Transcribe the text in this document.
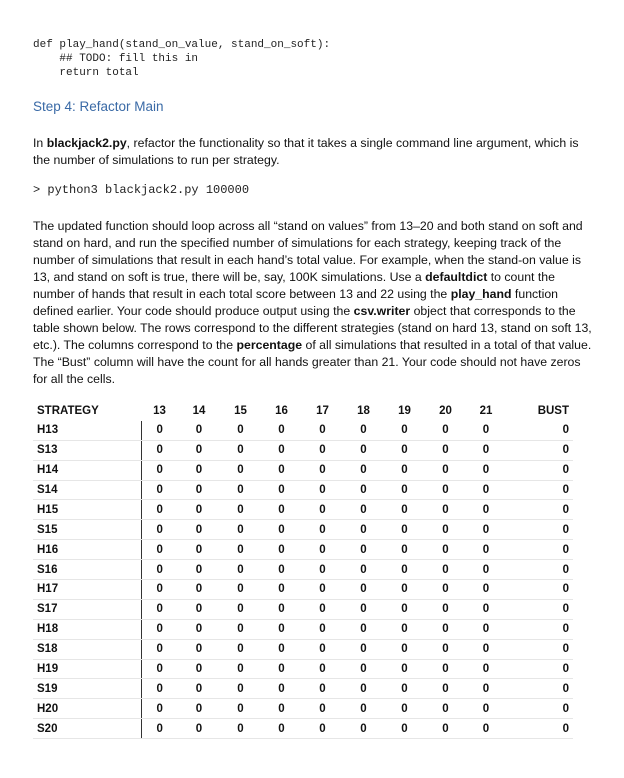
def play_hand(stand_on_value, stand_on_soft):
## TODO: fill this in
return total
Step 4: Refactor Main
In blackjack2.py, refactor the functionality so that it takes a single command line argument, which is the number of simulations to run per strategy.
> python3 blackjack2.py 100000
The updated function should loop across all “stand on values” from 13–20 and both stand on soft and stand on hard, and run the specified number of simulations for each strategy, keeping track of the number of simulations that result in each hand’s total value. For example, when the stand-on value is 13, and stand on soft is true, there will be, say, 100K simulations. Use a defaultdict to count the number of hands that result in each total score between 13 and 22 using the play_hand function defined earlier. Your code should produce output using the csv.writer object that corresponds to the table shown below. The rows correspond to the different strategies (stand on hard 13, stand on soft 13, etc.). The columns correspond to the percentage of all simulations that resulted in a total of that value. The “Bust” column will have the count for all hands greater than 21. Your code should not have zeros for all the cells.
STRATEGY	13	14	15	16	17	18	19	20	21	BUST
H13	0	0	0	0	0	0	0	0	0	0
S13	0	0	0	0	0	0	0	0	0	0
H14	0	0	0	0	0	0	0	0	0	0
S14	0	0	0	0	0	0	0	0	0	0
H15	0	0	0	0	0	0	0	0	0	0
S15	0	0	0	0	0	0	0	0	0	0
H16	0	0	0	0	0	0	0	0	0	0
S16	0	0	0	0	0	0	0	0	0	0
H17	0	0	0	0	0	0	0	0	0	0
S17	0	0	0	0	0	0	0	0	0	0
H18	0	0	0	0	0	0	0	0	0	0
S18	0	0	0	0	0	0	0	0	0	0
H19	0	0	0	0	0	0	0	0	0	0
S19	0	0	0	0	0	0	0	0	0	0
H20	0	0	0	0	0	0	0	0	0	0
S20	0	0	0	0	0	0	0	0	0	0
